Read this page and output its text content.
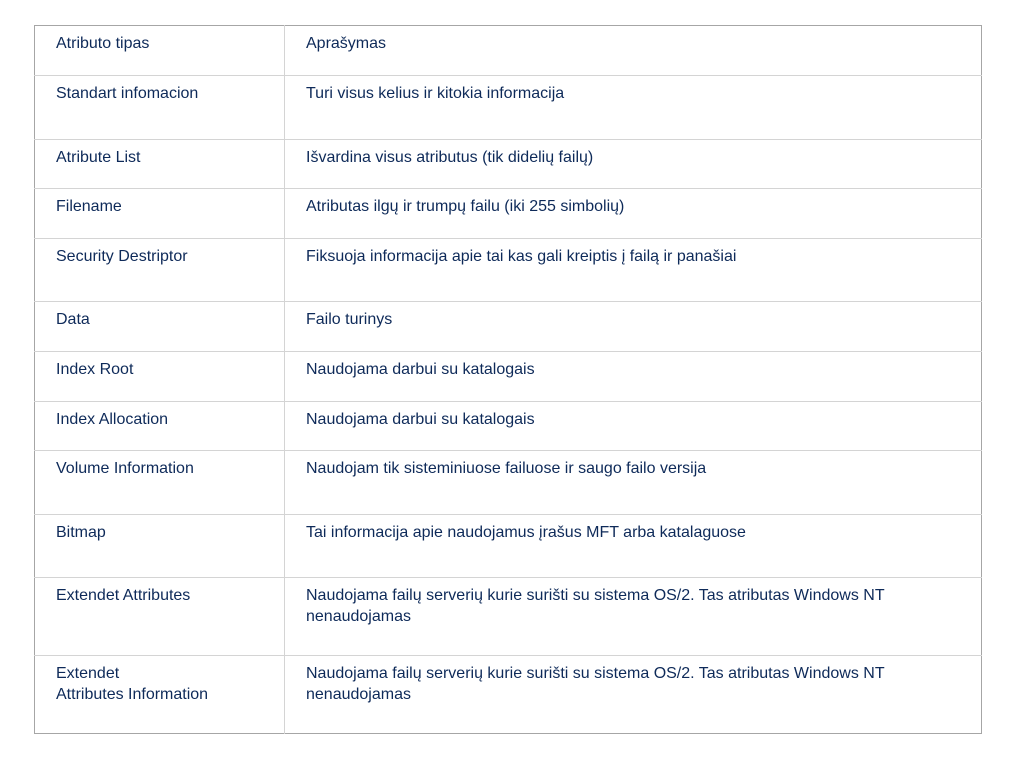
Atributo tipas	Aprašymas
Standart infomacion	Turi visus kelius ir kitokia informacija
Atribute List	Išvardina visus atributus (tik didelių failų)
Filename	Atributas ilgų ir trumpų failu (iki 255 simbolių)
Security Destriptor	Fiksuoja informacija apie tai kas gali kreiptis į failą ir panašiai
Data	Failo turinys
Index Root	Naudojama darbui su katalogais
Index Allocation	Naudojama darbui su katalogais
Volume Information	Naudojam tik sisteminiuose failuose ir saugo failo versija
Bitmap	Tai informacija apie naudojamus įrašus MFT arba katalaguose
Extendet Attributes	Naudojama failų serverių kurie surišti su sistema OS/2. Tas atributas Windows NT
nenaudojamas
Extendet
Attributes Information	Naudojama failų serverių kurie surišti su sistema OS/2. Tas atributas Windows NT
nenaudojamas
